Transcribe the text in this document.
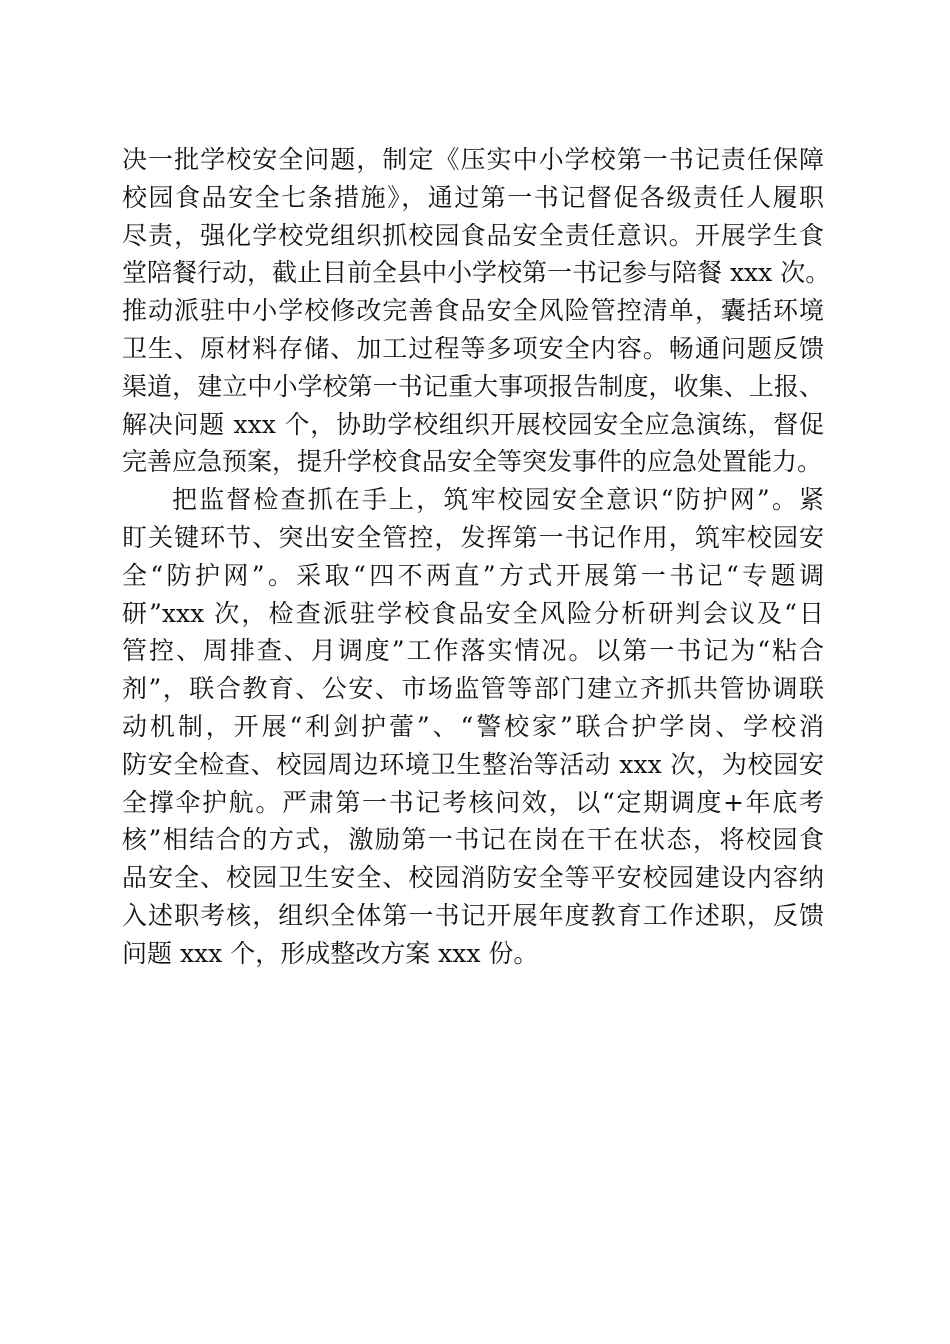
决一批学校安全问题，制定《压实中小学校第一书记责任保障
校园食品安全七条措施》，通过第一书记督促各级责任人履职
尽责，强化学校党组织抓校园食品安全责任意识。开展学生食
堂陪餐行动，截止目前全县中小学校第一书记参与陪餐 xxx 次。
推动派驻中小学校修改完善食品安全风险管控清单，囊括环境
卫生、原材料存储、加工过程等多项安全内容。畅通问题反馈
渠道，建立中小学校第一书记重大事项报告制度，收集、上报、
解决问题 xxx 个，协助学校组织开展校园安全应急演练，督促
完善应急预案，提升学校食品安全等突发事件的应急处置能力。
把监督检查抓在手上，筑牢校园安全意识“防护网”。紧
盯关键环节、突出安全管控，发挥第一书记作用，筑牢校园安
全“防护网”。采取“四不两直”方式开展第一书记“专题调
研”xxx 次，检查派驻学校食品安全风险分析研判会议及“日
管控、周排查、月调度”工作落实情况。以第一书记为“粘合
剂”，联合教育、公安、市场监管等部门建立齐抓共管协调联
动机制，开展“利剑护蕾”、“警校家”联合护学岗、学校消
防安全检查、校园周边环境卫生整治等活动 xxx 次，为校园安
全撑伞护航。严肃第一书记考核问效，以“定期调度+年底考
核”相结合的方式，激励第一书记在岗在干在状态，将校园食
品安全、校园卫生安全、校园消防安全等平安校园建设内容纳
入述职考核，组织全体第一书记开展年度教育工作述职，反馈
问题 xxx 个，形成整改方案 xxx 份。
